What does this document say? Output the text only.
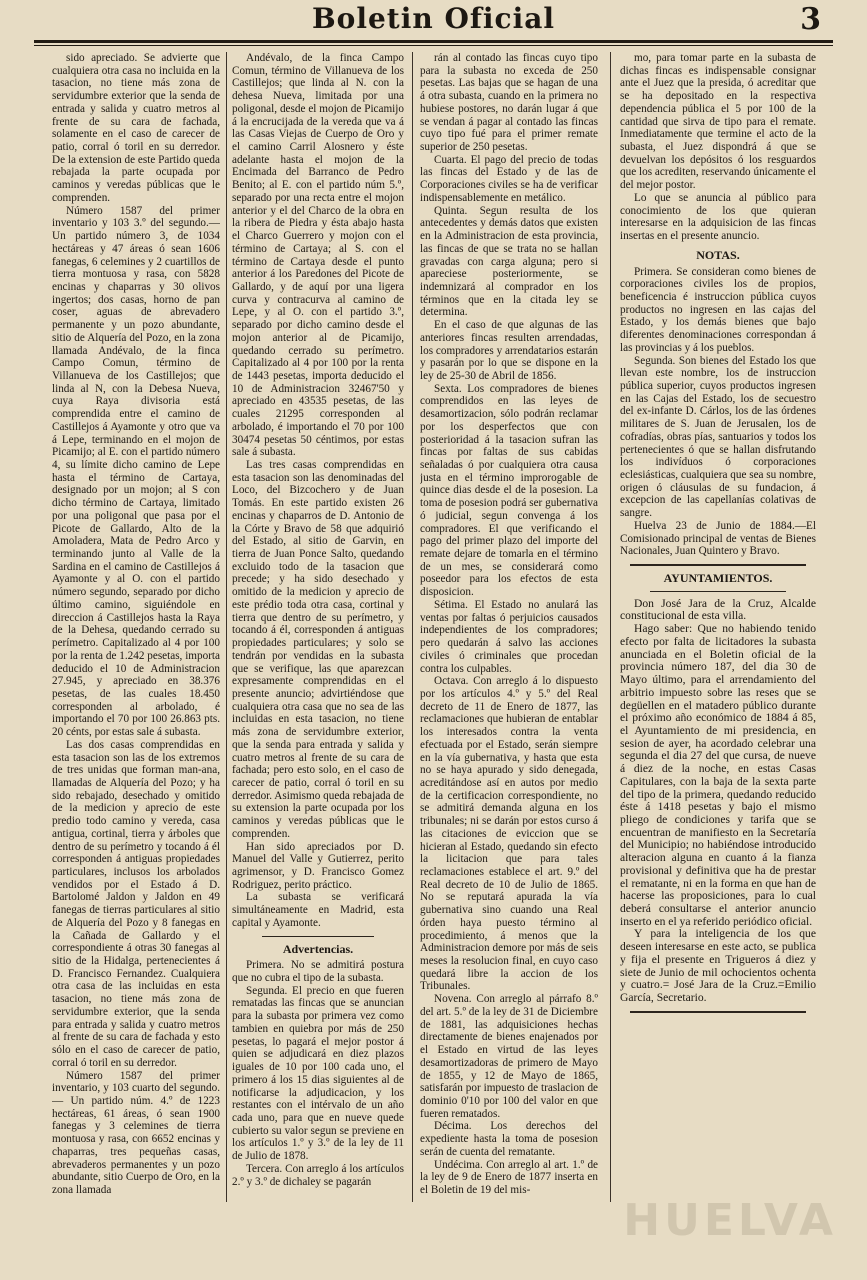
Boletin Oficial	3

sido apreciado. Se advierte que cualquiera otra casa no incluida en la tasacion, no tiene más zona de servidumbre exterior que la senda de entrada y salida y cuatro metros al frente de su cara de fachada, solamente en el caso de carecer de patio, corral ó toril en su derredor. De la extension de este Partido queda rebajada la parte ocupada por caminos y veredas públicas que le comprenden.

Número 1587 del primer inventario y 103 3.º del segundo.—Un partido número 3, de 1034 hectáreas y 47 áreas ó sean 1606 fanegas, 6 celemines y 2 cuartillos de tierra montuosa y rasa, con 5828 encinas y chaparras y 30 olivos ingertos; dos casas, horno de pan coser, aguas de abrevadero permanente y un pozo abundante, sitio de Alquería del Pozo, en la zona llamada Andévalo, de la finca Campo Comun, término de Villanueva de los Castillejos; que linda al N, con la Debesa Nueva, cuya Raya divisoria está comprendida entre el camino de Castillejos á Ayamonte y otro que va á Lepe, terminando en el mojon de Picamijo; al E. con el partido número 4, su límite dicho camino de Lepe hasta el término de Cartaya, designado por un mojon; al S con dicho término de Cartaya, limitado por una poligonal que pasa por el Picote de Gallardo, Alto de la Amoladera, Mata de Pedro Arco y terminando junto al Valle de la Sardina en el camino de Castillejos á Ayamonte y al O. con el partido número segundo, separado por dicho último camino, siguiéndole en direccion á Castillejos hasta la Raya de la Dehesa, quedando cerrado su perímetro. Capitalizado al 4 por 100 por la renta de 1.242 pesetas, importa deducido el 10 de Administracion 27.945, y apreciado en 38.376 pesetas, de las cuales 18.450 corresponden al arbolado, é importando el 70 por 100 26.863 pts. 20 cénts, por estas sale á subasta.

Las dos casas comprendidas en esta tasacion son las de los extremos de tres unidas que forman man-ana, llamadas de Alquería del Pozo; y ha sido rebajado, desechado y omitido de la medicion y aprecio de este predio todo camino y vereda, casa antigua, cortinal, tierra y árboles que dentro de su perímetro y tocando á él corresponden á antiguas propiedades particulares, inclusos los arbolados vendidos por el Estado á D. Bartolomé Jaldon y Jaldon en 49 fanegas de tierras particulares al sitio de Alquería del Pozo y 8 fanegas en la Cañada de Gallardo y el correspondiente á otras 30 fanegas al sitio de la Hidalga, pertenecientes á D. Francisco Fernandez. Cualquiera otra casa de las incluidas en esta tasacion, no tiene más zona de servidumbre exterior, que la senda para entrada y salida y cuatro metros al frente de su cara de fachada y esto sólo en el caso de carecer de patio, corral ó toril en su derredor.

Número 1587 del primer inventario, y 103 cuarto del segundo.— Un partido núm. 4.º de 1223 hectáreas, 61 áreas, ó sean 1900 fanegas y 3 celemines de tierra montuosa y rasa, con 6652 encinas y chaparras, tres pequeñas casas, abrevaderos permanentes y un pozo abundante, sitio Cuerpo de Oro, en la zona llamada

Andévalo, de la finca Campo Comun, término de Villanueva de los Castillejos; que linda al N. con la dehesa Nueva, limitada por una poligonal, desde el mojon de Picamijo á la encrucijada de la vereda que va á las Casas Viejas de Cuerpo de Oro y el camino Carril Alosnero y éste adelante hasta el mojon de la Encimada del Barranco de Pedro Benito; al E. con el partido núm 5.º, separado por una recta entre el mojon anterior y el del Charco de la obra en la ribera de Piedra y ésta abajo hasta el Charco Guerrero y mojon con el término de Cartaya; al S. con el término de Cartaya desde el punto anterior á los Paredones del Picote de Gallardo, y de aquí por una ligera curva y contracurva al camino de Lepe, y al O. con el partido 3.º, separado por dicho camino desde el mojon anterior al de Picamijo, quedando cerrado su perímetro. Capitalizado al 4 por 100 por la renta de 1443 pesetas, importa deducido el 10 de Administracion 32467'50 y apreciado en 43535 pesetas, de las cuales 21295 corresponden al arbolado, é importando el 70 por 100 30474 pesetas 50 céntimos, por estas sale á subasta.

Las tres casas comprendidas en esta tasacion son las denominadas del Loco, del Bizcochero y de Juan Tomás. En este partido existen 26 encinas y chaparros de D. Antonio de la Córte y Bravo de 58 que adquirió del Estado, al sitio de Garvin, en tierra de Juan Ponce Salto, quedando excluido todo de la tasacion que precede; y ha sido desechado y omitido de la medicion y aprecio de este prédio toda otra casa, cortinal y tierra que dentro de su perímetro, y tocando á él, corresponden á antiguas propiedades particulares; y solo se tendrán por vendidas en la subasta que se verifique, las que aparezcan expresamente comprendidas en el presente anuncio; advirtiéndose que cualquiera otra casa que no sea de las incluidas en esta tasacion, no tiene más zona de servidumbre exterior, que la senda para entrada y salida y cuatro metros al frente de su cara de fachada; pero esto solo, en el caso de carecer de patio, corral ó toril en su derredor. Asimismo queda rebajada de su extension la parte ocupada por los caminos y veredas públicas que le comprenden.

Han sido apreciados por D. Manuel del Valle y Gutierrez, perito agrimensor, y D. Francisco Gomez Rodriguez, perito práctico.

La subasta se verificará simultáneamente en Madrid, esta capital y Ayamonte.

Advertencias.

Primera. No se admitirá postura que no cubra el tipo de la subasta.

Segunda. El precio en que fueren rematadas las fincas que se anuncian para la subasta por primera vez como tambien en quiebra por más de 250 pesetas, lo pagará el mejor postor á quien se adjudicará en diez plazos iguales de 10 por 100 cada uno, el primero á los 15 dias siguientes al de notificarse la adjudicacion, y los restantes con el intérvalo de un año cada uno, para que en nueve quede cubierto su valor segun se previene en los artículos 1.º y 3.º de la ley de 11 de Julio de 1878.

Tercera. Con arreglo á los artículos 2.º y 3.º de dichaley se pagarán

rán al contado las fincas cuyo tipo para la subasta no exceda de 250 pesetas. Las bajas que se hagan de una á otra subasta, cuando en la primera no hubiese postores, no darán lugar á que se vendan á pagar al contado las fincas cuyo tipo fué para el primer remate superior de 250 pesetas.

Cuarta. El pago del precio de todas las fincas del Estado y de las de Corporaciones civiles se ha de verificar indispensablemente en metálico.

Quinta. Segun resulta de los antecedentes y demás datos que existen en la Administracion de esta provincia, las fincas de que se trata no se hallan gravadas con carga alguna; pero si apareciese posteriormente, se indemnizará al comprador en los términos que en la citada ley se determina.

En el caso de que algunas de las anteriores fincas resulten arrendadas, los compradores y arrendatarios estarán y pasarán por lo que se dispone en la ley de 25-30 de Abril de 1856.

Sexta. Los compradores de bienes comprendidos en las leyes de desamortizacion, sólo podrán reclamar por los desperfectos que con posterioridad á la tasacion sufran las fincas por faltas de sus cabidas señaladas ó por cualquiera otra causa justa en el término improrogable de quince dias desde el de la posesion. La toma de posesion podrá ser gubernativa ó judicial, segun convenga á los compradores. El que verificando el pago del primer plazo del importe del remate dejare de tomarla en el término de un mes, se considerará como poseedor para los efectos de esta disposicion.

Sétima. El Estado no anulará las ventas por faltas ó perjuicios causados independientes de los compradores; pero quedarán á salvo las acciones civiles ó criminales que procedan contra los culpables.

Octava. Con arreglo á lo dispuesto por los artículos 4.º y 5.º del Real decreto de 11 de Enero de 1877, las reclamaciones que hubieran de entablar los interesados contra la venta efectuada por el Estado, serán siempre en la vía gubernativa, y hasta que esta no se haya apurado y sido denegada, acreditándose así en autos por medio de la certificacion correspondiente, no se admitirá demanda alguna en los tribunales; ni se darán por estos curso á las citaciones de eviccion que se hicieran al Estado, quedando sin efecto la licitacion que para tales reclamaciones establece el art. 9.º del Real decreto de 10 de Julio de 1865. No se reputará apurada la vía gubernativa sino cuando una Real órden haya puesto término al procedimiento, á menos que la Administracion demore por más de seis meses la resolucion final, en cuyo caso quedará libre la accion de los Tribunales.

Novena. Con arreglo al párrafo 8.º del art. 5.º de la ley de 31 de Diciembre de 1881, las adquisiciones hechas directamente de bienes enajenados por el Estado en virtud de las leyes desamortizadoras de primero de Mayo de 1855, y 12 de Mayo de 1865, satisfarán por impuesto de traslacion de dominio 0'10 por 100 del valor en que fueren rematados.

Décima. Los derechos del expediente hasta la toma de posesion serán de cuenta del rematante.

Undécima. Con arreglo al art. 1.º de la ley de 9 de Enero de 1877 inserta en el Boletin de 19 del mis-

mo, para tomar parte en la subasta de dichas fincas es indispensable consignar ante el Juez que la presida, ó acreditar que se ha depositado en la respectiva dependencia pública el 5 por 100 de la cantidad que sirva de tipo para el remate. Inmediatamente que termine el acto de la subasta, el Juez dispondrá á que se devuelvan los depósitos ó los resguardos que los acrediten, reservando únicamente el del mejor postor.

Lo que se anuncia al público para conocimiento de los que quieran interesarse en la adquisicion de las fincas insertas en el presente anuncio.

NOTAS.

Primera. Se consideran como bienes de corporaciones civiles los de propios, beneficencia é instruccion pública cuyos productos no ingresen en las cajas del Estado, y los demás bienes que bajo diferentes denominaciones correspondan á las provincias y á los pueblos.

Segunda. Son bienes del Estado los que llevan este nombre, los de instruccion pública superior, cuyos productos ingresen en las Cajas del Estado, los de secuestro del ex-infante D. Cárlos, los de las órdenes militares de S. Juan de Jerusalen, los de cofradías, obras pías, santuarios y todos los pertenecientes ó que se hallan disfrutando los indivíduos ó corporaciones eclesiásticas, cualquiera que sea su nombre, origen ó cláusulas de su fundacion, á excepcion de las capellanías colativas de sangre.

Huelva 23 de Junio de 1884.—El Comisionado principal de ventas de Bienes Nacionales, Juan Quintero y Bravo.

AYUNTAMIENTOS.

Don José Jara de la Cruz, Alcalde constitucional de esta villa.

Hago saber: Que no habiendo tenido efecto por falta de licitadores la subasta anunciada en el Boletin oficial de la provincia número 187, del dia 30 de Mayo último, para el arrendamiento del arbitrio impuesto sobre las reses que se degüellen en el matadero público durante el próximo año económico de 1884 á 85, el Ayuntamiento de mi presidencia, en sesion de ayer, ha acordado celebrar una segunda el dia 27 del que cursa, de nueve á diez de la noche, en estas Casas Capitulares, con la baja de la sexta parte del tipo de la primera, quedando reducido éste á 1418 pesetas y bajo el mismo pliego de condiciones y tarifa que se encuentran de manifiesto en la Secretaría del Municipio; no habiéndose introducido alteracion alguna en cuanto á la fianza provisional y definitiva que ha de prestar el rematante, ni en la forma en que han de hacerse las proposiciones, para lo cual deberá consultarse el anterior anuncio inserto en el ya referido periódico oficial.

Y para la inteligencia de los que deseen interesarse en este acto, se publica y fija el presente en Trigueros á diez y siete de Junio de mil ochocientos ochenta y cuatro.= José Jara de la Cruz.=Emilio García, Secretario.

HUELVA
